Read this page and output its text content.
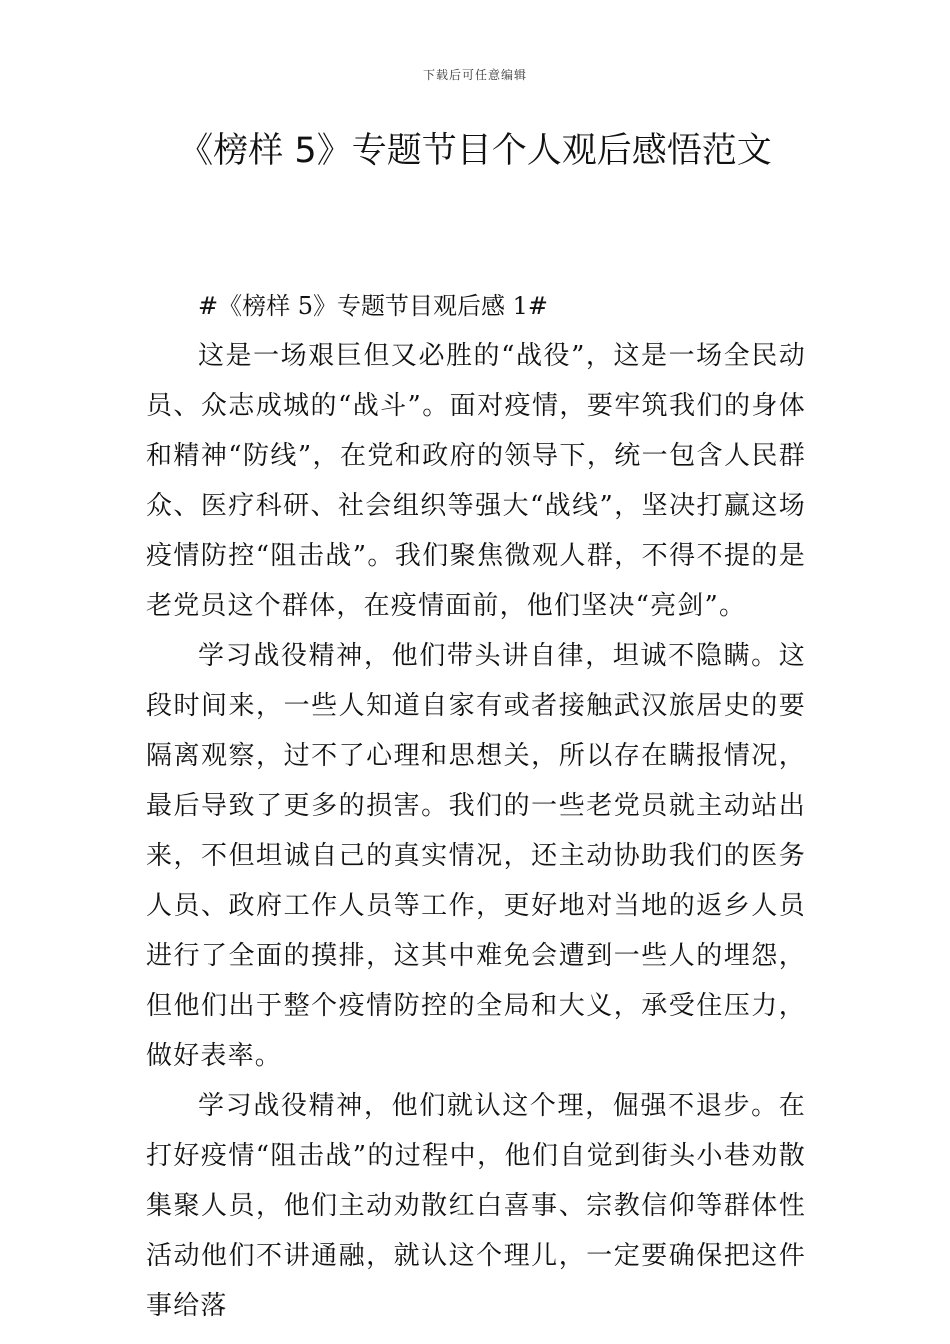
下载后可任意编辑
《榜样 5》专题节目个人观后感悟范文

#《榜样 5》专题节目观后感 1#

这是一场艰巨但又必胜的“战役”，这是一场全民动员、众志成城的“战斗”。面对疫情，要牢筑我们的身体和精神“防线”，在党和政府的领导下，统一包含人民群众、医疗科研、社会组织等强大“战线”，坚决打赢这场疫情防控“阻击战”。我们聚焦微观人群，不得不提的是老党员这个群体，在疫情面前，他们坚决“亮剑”。

学习战役精神，他们带头讲自律，坦诚不隐瞒。这段时间来，一些人知道自家有或者接触武汉旅居史的要隔离观察，过不了心理和思想关，所以存在瞒报情况，最后导致了更多的损害。我们的一些老党员就主动站出来，不但坦诚自己的真实情况，还主动协助我们的医务人员、政府工作人员等工作，更好地对当地的返乡人员进行了全面的摸排，这其中难免会遭到一些人的埋怨，但他们出于整个疫情防控的全局和大义，承受住压力，做好表率。

学习战役精神，他们就认这个理，倔强不退步。在打好疫情“阻击战”的过程中，他们自觉到街头小巷劝散集聚人员，他们主动劝散红白喜事、宗教信仰等群体性活动他们不讲通融，就认这个理儿，一定要确保把这件事给落
